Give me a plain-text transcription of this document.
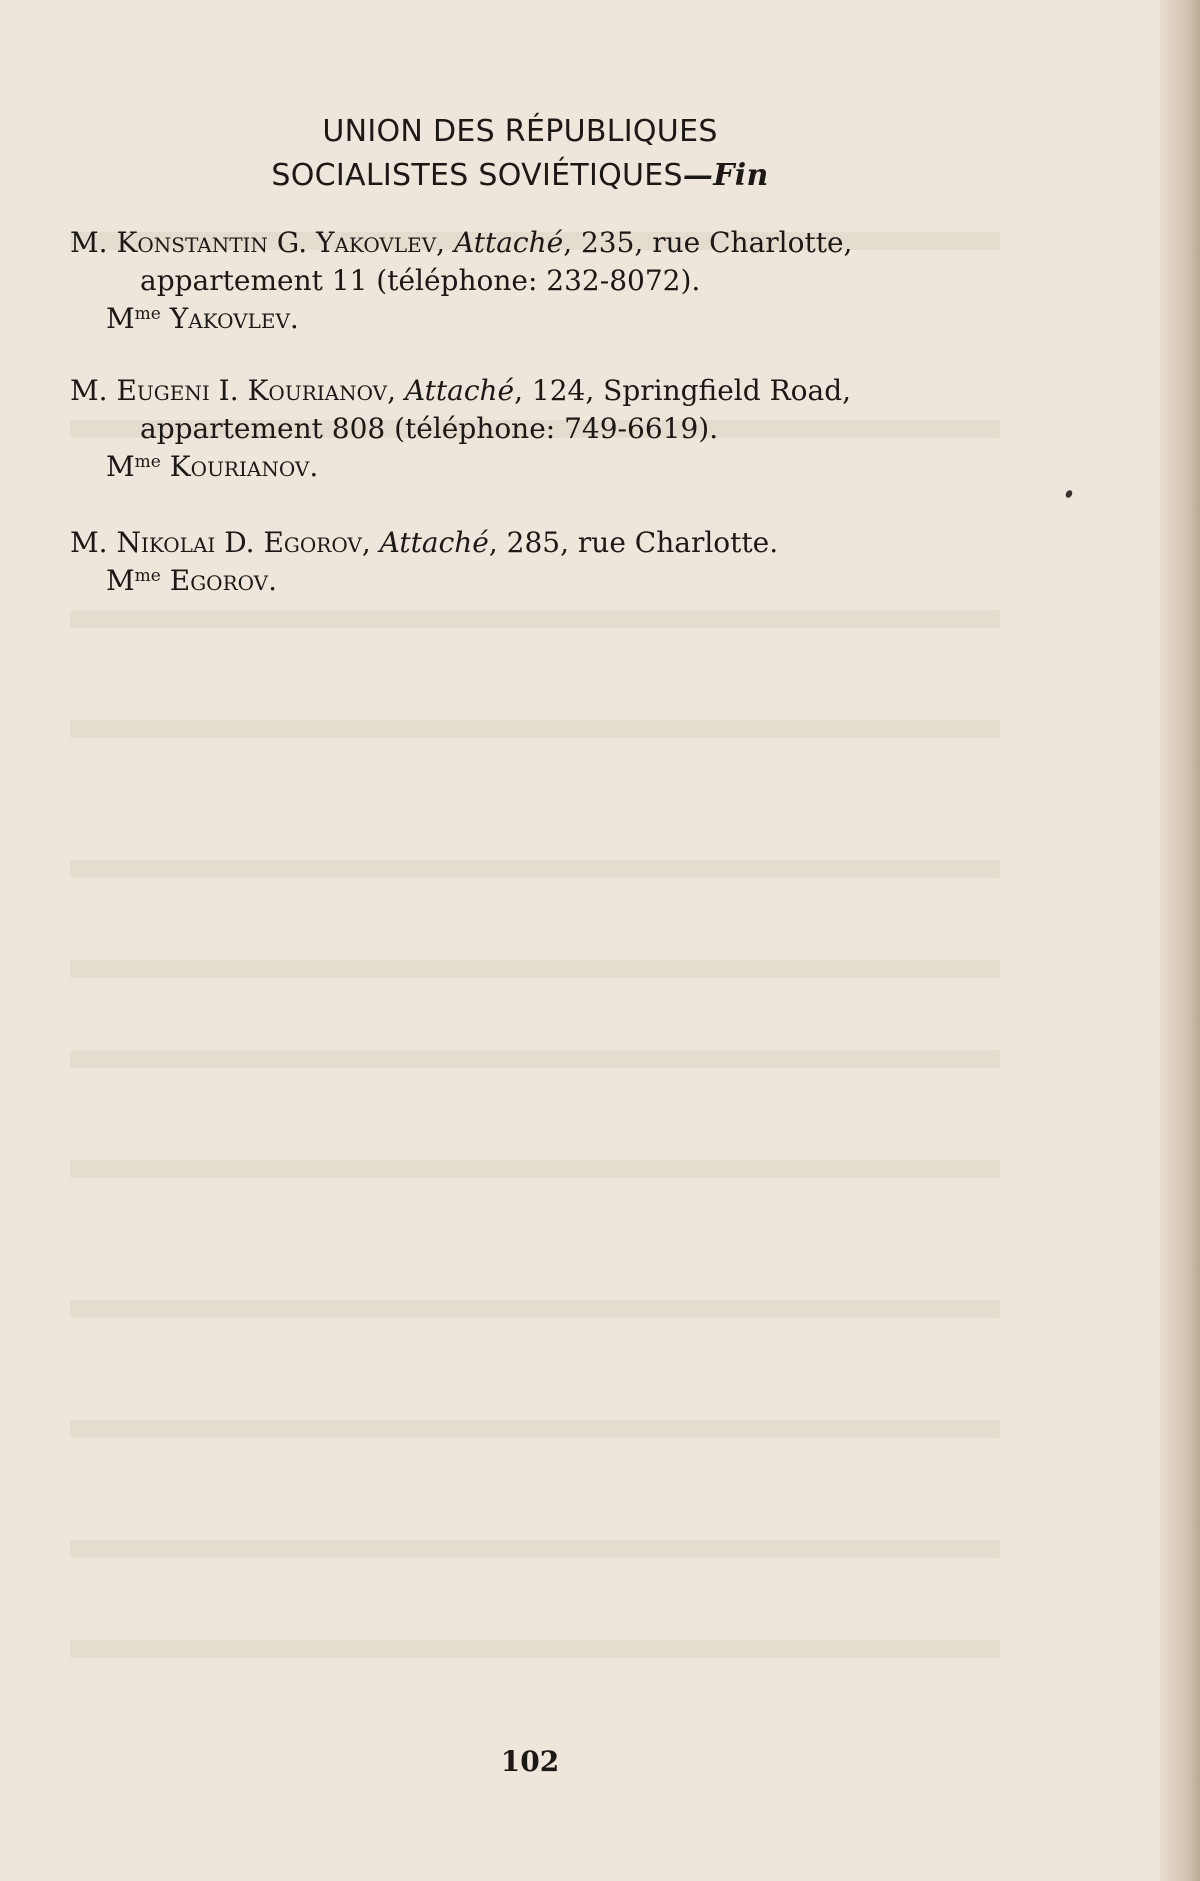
UNION DES RÉPUBLIQUES
SOCIALISTES SOVIÉTIQUES—Fin

M. Konstantin G. Yakovlev, Attaché, 235, rue Charlotte,
appartement 11 (téléphone: 232-8072).

$M^{me}$ Yakovlev.

M. Eugeni I. Kourianov, Attaché, 124, Springfield Road,
appartement 808 (téléphone: 749-6619).

$M^{me}$ Kourianov.

M. Nikolai D. Egorov, Attaché, 285, rue Charlotte.

$M^{me}$ Egorov.

102
